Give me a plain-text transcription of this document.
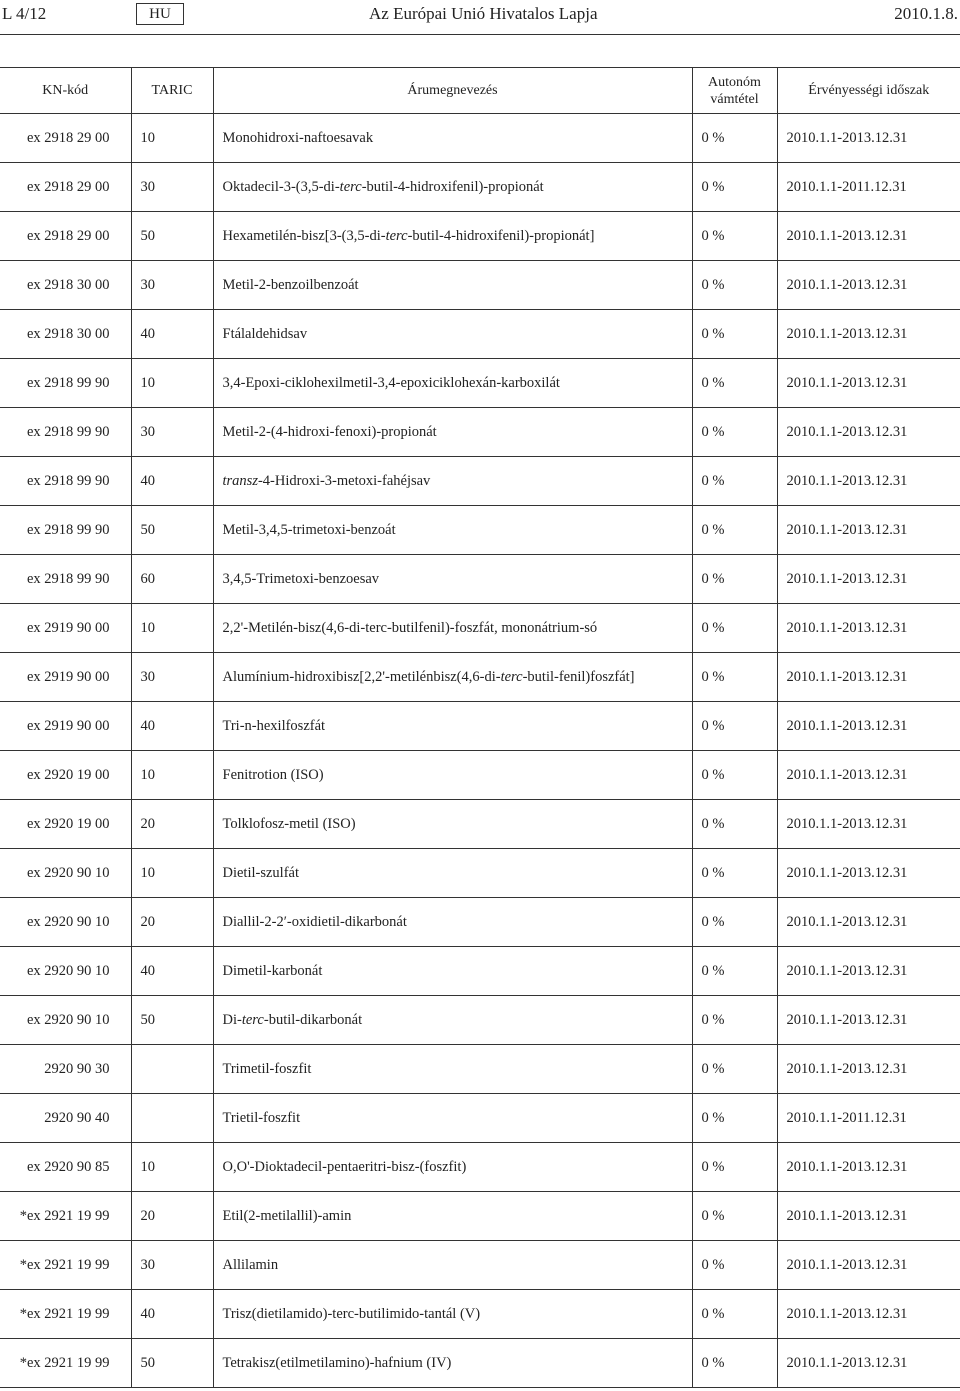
L 4/12	HU	Az Európai Unió Hivatalos Lapja	2010.1.8.
KN-kód	TARIC	Árumegnevezés	Autonóm vámtétel	Érvényességi időszak
ex 2918 29 00	10	Monohidroxi-naftoesavak	0 %	2010.1.1-2013.12.31
ex 2918 29 00	30	Oktadecil-3-(3,5-di-terc-butil-4-hidroxifenil)-propionát	0 %	2010.1.1-2011.12.31
ex 2918 29 00	50	Hexametilén-bisz[3-(3,5-di-terc-butil-4-hidroxifenil)-propionát]	0 %	2010.1.1-2013.12.31
ex 2918 30 00	30	Metil-2-benzoilbenzoát	0 %	2010.1.1-2013.12.31
ex 2918 30 00	40	Ftálaldehidsav	0 %	2010.1.1-2013.12.31
ex 2918 99 90	10	3,4-Epoxi-ciklohexilmetil-3,4-epoxiciklohexán-karboxilát	0 %	2010.1.1-2013.12.31
ex 2918 99 90	30	Metil-2-(4-hidroxi-fenoxi)-propionát	0 %	2010.1.1-2013.12.31
ex 2918 99 90	40	transz-4-Hidroxi-3-metoxi-fahéjsav	0 %	2010.1.1-2013.12.31
ex 2918 99 90	50	Metil-3,4,5-trimetoxi-benzoát	0 %	2010.1.1-2013.12.31
ex 2918 99 90	60	3,4,5-Trimetoxi-benzoesav	0 %	2010.1.1-2013.12.31
ex 2919 90 00	10	2,2'-Metilén-bisz(4,6-di-terc-butilfenil)-foszfát, mononátrium-só	0 %	2010.1.1-2013.12.31
ex 2919 90 00	30	Alumínium-hidroxibisz[2,2'-metilénbisz(4,6-di-terc-butil-fenil)foszfát]	0 %	2010.1.1-2013.12.31
ex 2919 90 00	40	Tri-n-hexilfoszfát	0 %	2010.1.1-2013.12.31
ex 2920 19 00	10	Fenitrotion (ISO)	0 %	2010.1.1-2013.12.31
ex 2920 19 00	20	Tolklofosz-metil (ISO)	0 %	2010.1.1-2013.12.31
ex 2920 90 10	10	Dietil-szulfát	0 %	2010.1.1-2013.12.31
ex 2920 90 10	20	Diallil-2-2′-oxidietil-dikarbonát	0 %	2010.1.1-2013.12.31
ex 2920 90 10	40	Dimetil-karbonát	0 %	2010.1.1-2013.12.31
ex 2920 90 10	50	Di-terc-butil-dikarbonát	0 %	2010.1.1-2013.12.31
2920 90 30		Trimetil-foszfit	0 %	2010.1.1-2013.12.31
2920 90 40		Trietil-foszfit	0 %	2010.1.1-2011.12.31
ex 2920 90 85	10	O,O'-Dioktadecil-pentaeritri-bisz-(foszfit)	0 %	2010.1.1-2013.12.31
*ex 2921 19 99	20	Etil(2-metilallil)-amin	0 %	2010.1.1-2013.12.31
*ex 2921 19 99	30	Allilamin	0 %	2010.1.1-2013.12.31
*ex 2921 19 99	40	Trisz(dietilamido)-terc-butilimido-tantál (V)	0 %	2010.1.1-2013.12.31
*ex 2921 19 99	50	Tetrakisz(etilmetilamino)-hafnium (IV)	0 %	2010.1.1-2013.12.31
